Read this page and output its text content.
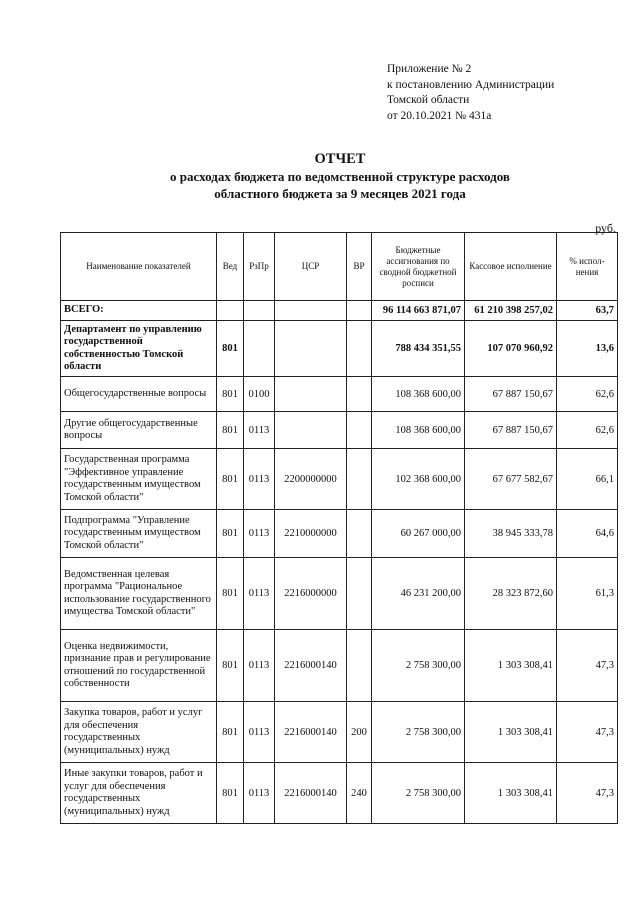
Приложение № 2
к постановлению Администрации
Томской области
от 20.10.2021 № 431а
ОТЧЕТ
о расходах бюджета по ведомственной структуре расходов
областного бюджета за 9 месяцев 2021 года
руб.
Наименование показателей	Вед	РзПр	ЦСР	ВР	Бюджетные ассигнования по сводной бюджетной росписи	Кассовое исполнение	% испол-нения
ВСЕГО:					96 114 663 871,07	61 210 398 257,02	63,7
Департамент по управлению государственной собственностью Томской области	801				788 434 351,55	107 070 960,92	13,6
Общегосударственные вопросы	801	0100			108 368 600,00	67 887 150,67	62,6
Другие общегосударственные вопросы	801	0113			108 368 600,00	67 887 150,67	62,6
Государственная программа "Эффективное управление государственным имуществом Томской области"	801	0113	2200000000		102 368 600,00	67 677 582,67	66,1
Подпрограмма "Управление государственным имуществом Томской области"	801	0113	2210000000		60 267 000,00	38 945 333,78	64,6
Ведомственная целевая программа "Рациональное использование государственного имущества Томской области"	801	0113	2216000000		46 231 200,00	28 323 872,60	61,3
Оценка недвижимости, признание прав и регулирование отношений по государственной собственности	801	0113	2216000140		2 758 300,00	1 303 308,41	47,3
Закупка товаров, работ и услуг для обеспечения государственных (муниципальных) нужд	801	0113	2216000140	200	2 758 300,00	1 303 308,41	47,3
Иные закупки товаров, работ и услуг для обеспечения государственных (муниципальных) нужд	801	0113	2216000140	240	2 758 300,00	1 303 308,41	47,3
